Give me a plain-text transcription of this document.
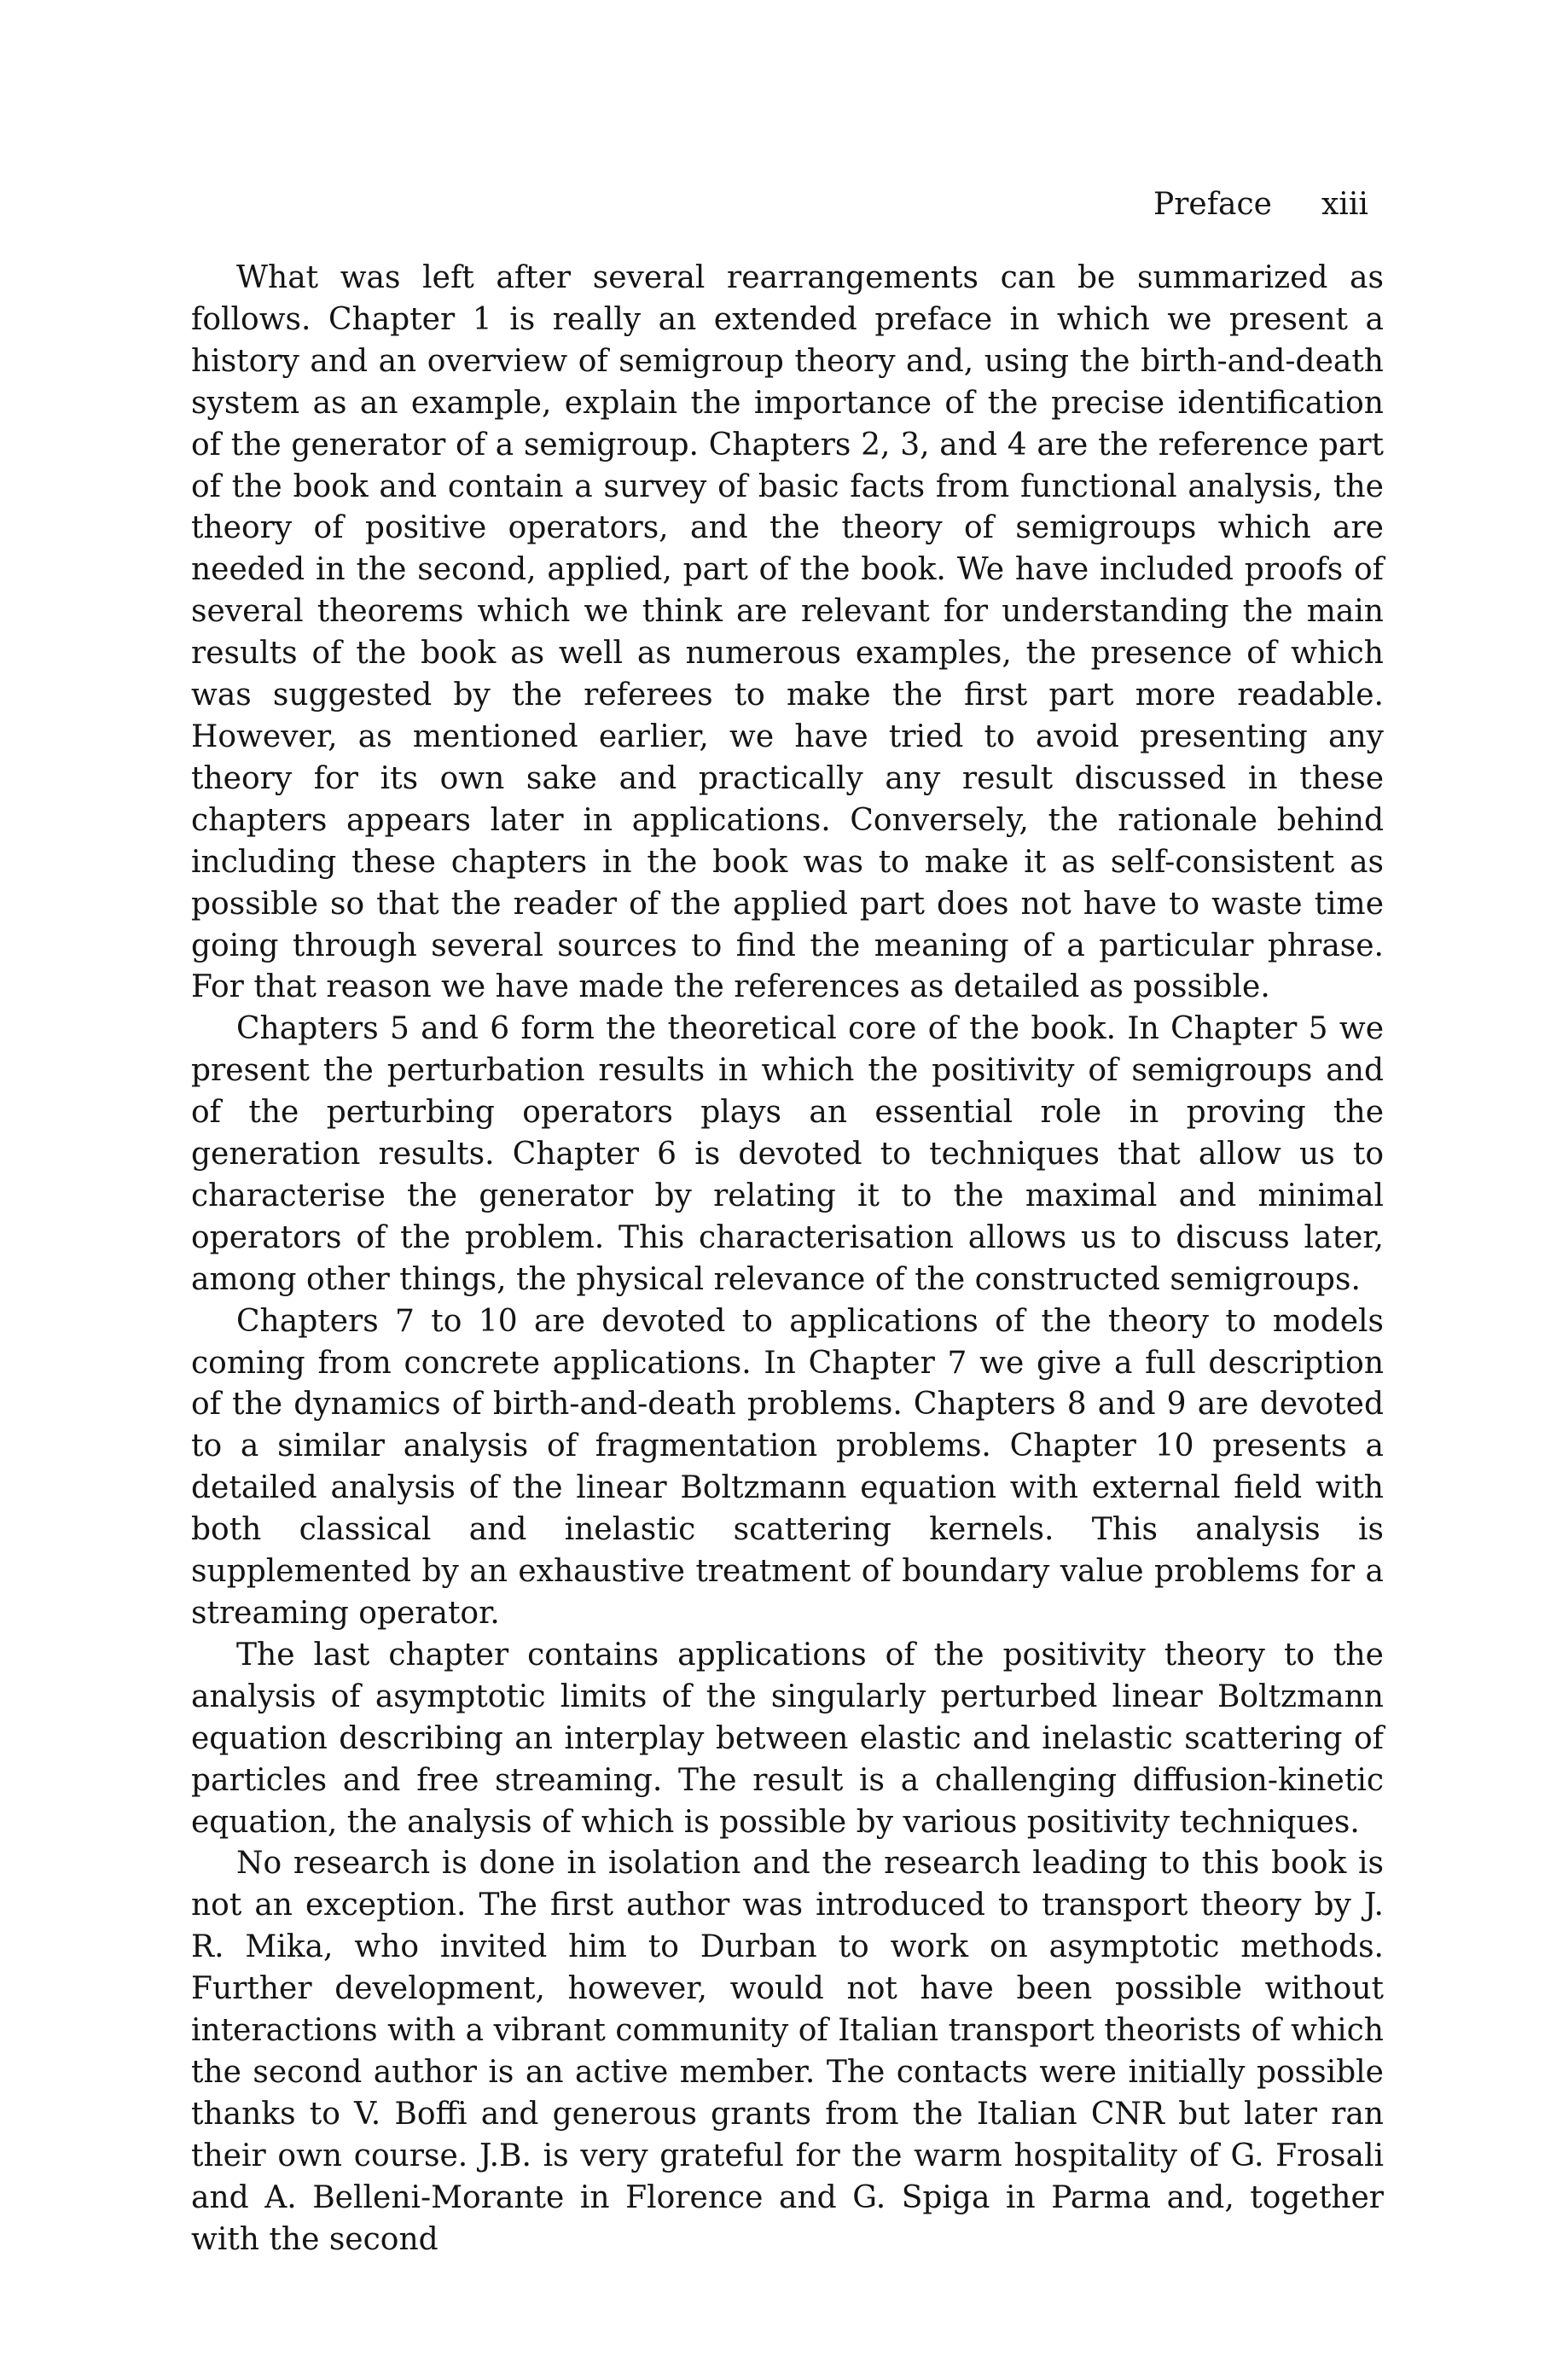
Preface xiii

What was left after several rearrangements can be summarized as follows. Chapter 1 is really an extended preface in which we present a history and an overview of semigroup theory and, using the birth-and-death system as an example, explain the importance of the precise identification of the generator of a semigroup. Chapters 2, 3, and 4 are the reference part of the book and contain a survey of basic facts from functional analysis, the theory of positive operators, and the theory of semigroups which are needed in the second, applied, part of the book. We have included proofs of several theorems which we think are relevant for understanding the main results of the book as well as numerous examples, the presence of which was suggested by the referees to make the first part more readable. However, as mentioned earlier, we have tried to avoid presenting any theory for its own sake and practically any result discussed in these chapters appears later in applications. Conversely, the rationale behind including these chapters in the book was to make it as self-consistent as possible so that the reader of the applied part does not have to waste time going through several sources to find the meaning of a particular phrase. For that reason we have made the references as detailed as possible.

Chapters 5 and 6 form the theoretical core of the book. In Chapter 5 we present the perturbation results in which the positivity of semigroups and of the perturbing operators plays an essential role in proving the generation results. Chapter 6 is devoted to techniques that allow us to characterise the generator by relating it to the maximal and minimal operators of the problem. This characterisation allows us to discuss later, among other things, the physical relevance of the constructed semigroups.

Chapters 7 to 10 are devoted to applications of the theory to models coming from concrete applications. In Chapter 7 we give a full description of the dynamics of birth-and-death problems. Chapters 8 and 9 are devoted to a similar analysis of fragmentation problems. Chapter 10 presents a detailed analysis of the linear Boltzmann equation with external field with both classical and inelastic scattering kernels. This analysis is supplemented by an exhaustive treatment of boundary value problems for a streaming operator.

The last chapter contains applications of the positivity theory to the analysis of asymptotic limits of the singularly perturbed linear Boltzmann equation describing an interplay between elastic and inelastic scattering of particles and free streaming. The result is a challenging diffusion-kinetic equation, the analysis of which is possible by various positivity techniques.

No research is done in isolation and the research leading to this book is not an exception. The first author was introduced to transport theory by J. R. Mika, who invited him to Durban to work on asymptotic methods. Further development, however, would not have been possible without interactions with a vibrant community of Italian transport theorists of which the second author is an active member. The contacts were initially possible thanks to V. Boffi and generous grants from the Italian CNR but later ran their own course. J.B. is very grateful for the warm hospitality of G. Frosali and A. Belleni-Morante in Florence and G. Spiga in Parma and, together with the second
